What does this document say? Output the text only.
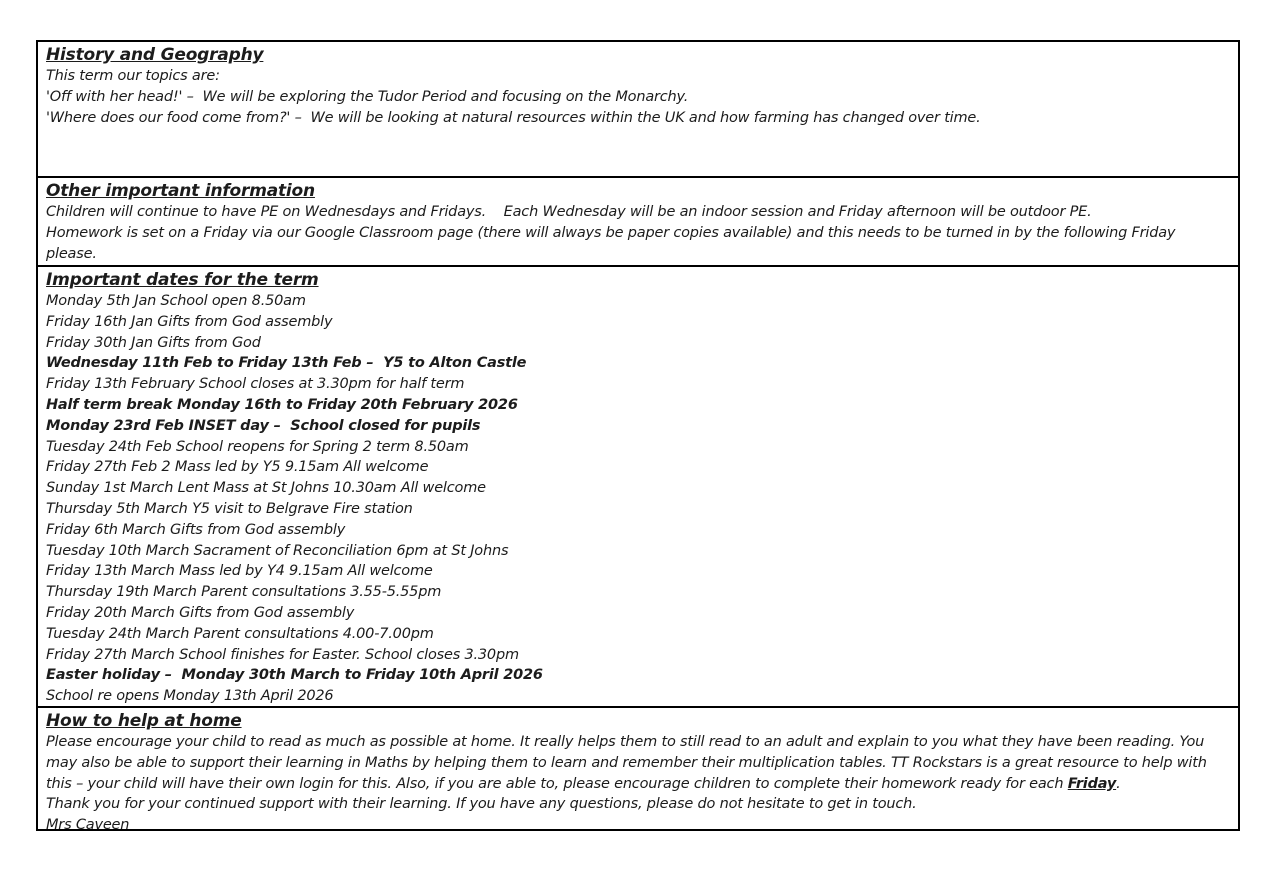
History and Geography
This term our topics are:
'Off with her head!' –  We will be exploring the Tudor Period and focusing on the Monarchy.
'Where does our food come from?' –  We will be looking at natural resources within the UK and how farming has changed over time.
Other important information
Children will continue to have PE on Wednesdays and Fridays.    Each Wednesday will be an indoor session and Friday afternoon will be outdoor PE.
Homework is set on a Friday via our Google Classroom page (there will always be paper copies available) and this needs to be turned in by the following Friday please.
Important dates for the term
Monday 5th Jan School open 8.50am
Friday 16th Jan Gifts from God assembly
Friday 30th Jan Gifts from God
Wednesday 11th Feb to Friday 13th Feb –  Y5 to Alton Castle
Friday 13th February School closes at 3.30pm for half term
Half term break Monday 16th to Friday 20th February 2026
Monday 23rd Feb INSET day –  School closed for pupils
Tuesday 24th Feb School reopens for Spring 2 term 8.50am
Friday 27th Feb 2 Mass led by Y5 9.15am All welcome
Sunday 1st March Lent Mass at St Johns 10.30am All welcome
Thursday 5th March Y5 visit to Belgrave Fire station
Friday 6th March Gifts from God assembly
Tuesday 10th March Sacrament of Reconciliation 6pm at St Johns
Friday 13th March Mass led by Y4 9.15am All welcome
Thursday 19th March Parent consultations 3.55-5.55pm
Friday 20th March Gifts from God assembly
Tuesday 24th March Parent consultations 4.00-7.00pm
Friday 27th March School finishes for Easter. School closes 3.30pm
Easter holiday –  Monday 30th March to Friday 10th April 2026
School re opens Monday 13th April 2026
How to help at home

Please encourage your child to read as much as possible at home. It really helps them to still read to an adult and explain to you what they have been reading. You may also be able to support their learning in Maths by helping them to learn and remember their multiplication tables. TT Rockstars is a great resource to help with this – your child will have their own login for this. Also, if you are able to, please encourage children to complete their homework ready for each Friday.

Thank you for your continued support with their learning. If you have any questions, please do not hesitate to get in touch.
Mrs Caveen
